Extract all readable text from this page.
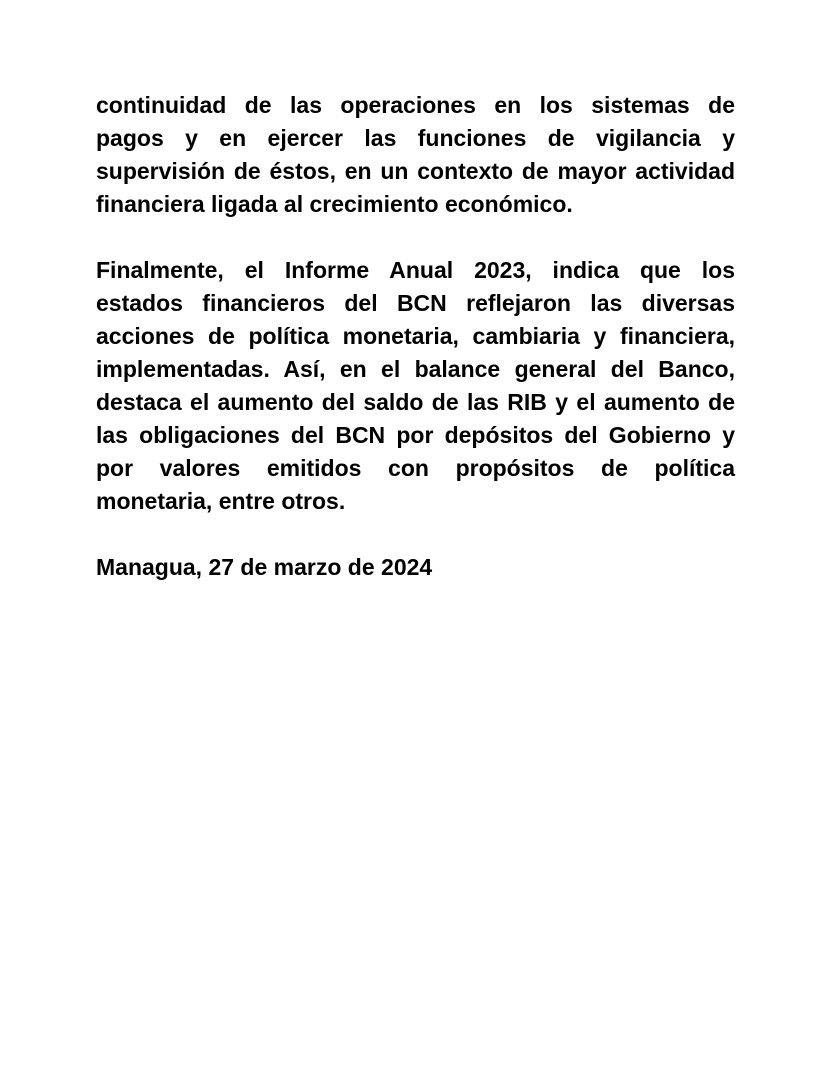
continuidad de las operaciones en los sistemas de
pagos y en ejercer las funciones de vigilancia y
supervisión de éstos, en un contexto de mayor actividad
financiera ligada al crecimiento económico.
Finalmente, el Informe Anual 2023, indica que los
estados financieros del BCN reflejaron las diversas
acciones de política monetaria, cambiaria y financiera,
implementadas. Así, en el balance general del Banco,
destaca el aumento del saldo de las RIB y el aumento de
las obligaciones del BCN por depósitos del Gobierno y
por valores emitidos con propósitos de política
monetaria, entre otros.
Managua, 27 de marzo de 2024
